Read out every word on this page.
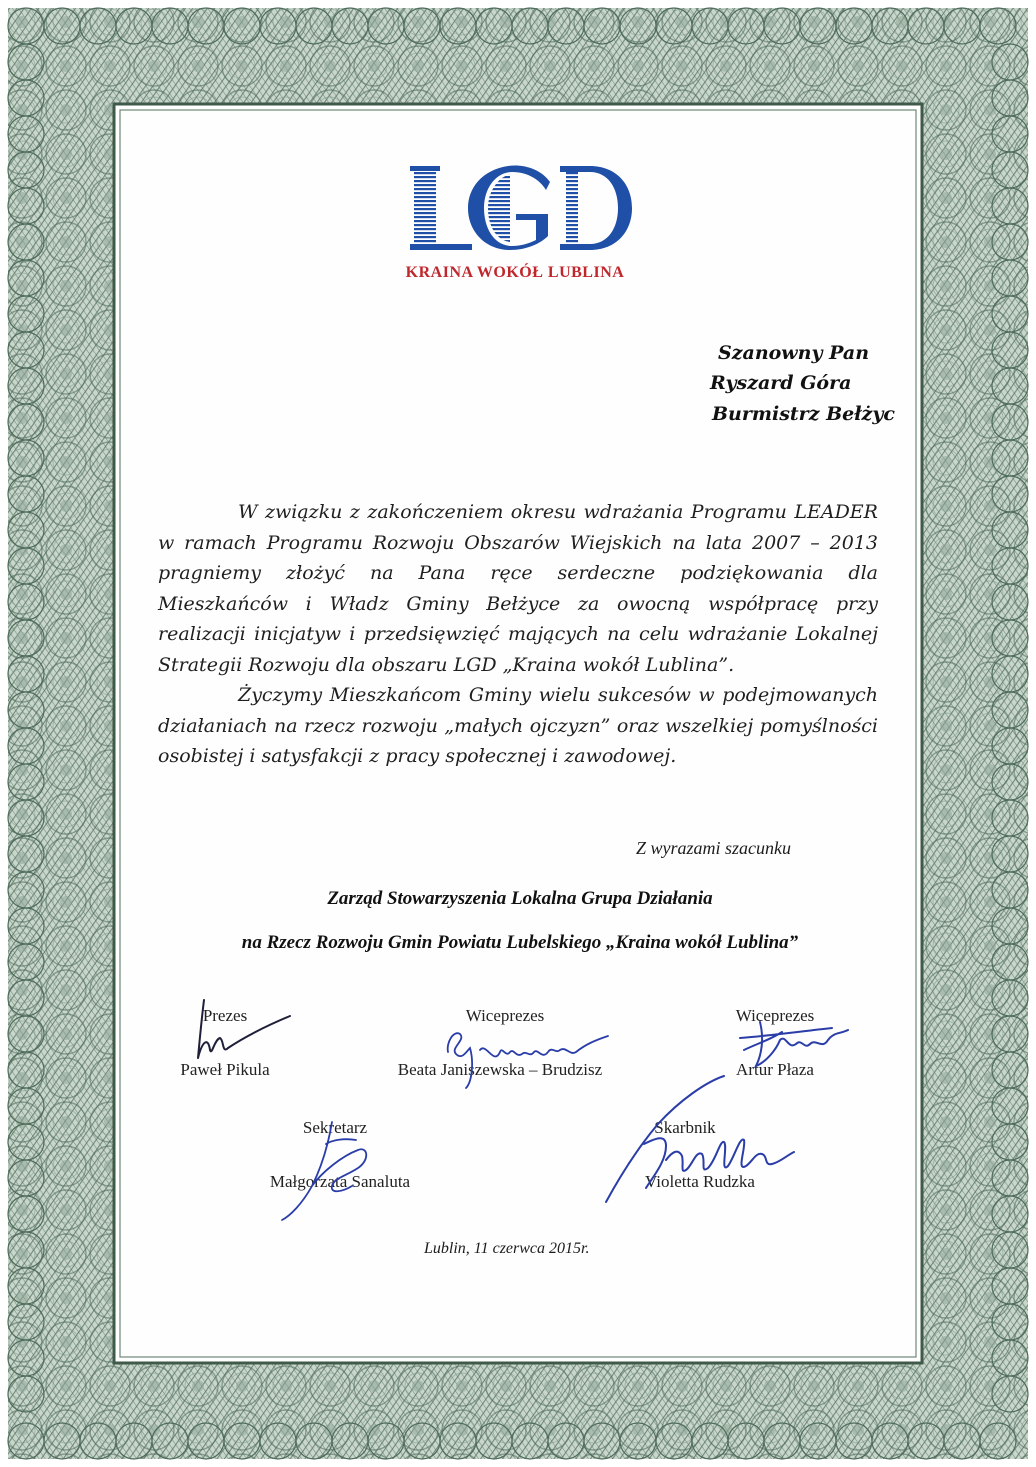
KRAINA WOKÓŁ LUBLINA
Szanowny Pan
Ryszard Góra
Burmistrz Bełżyc

W związku z zakończeniem okresu wdrażania Programu LEADER w ramach Programu Rozwoju Obszarów Wiejskich na lata 2007 – 2013 pragniemy złożyć na Pana ręce serdeczne podziękowania dla Mieszkańców i Władz Gminy Bełżyce za owocną współpracę przy realizacji inicjatyw i przedsięwzięć mających na celu wdrażanie Lokalnej Strategii Rozwoju dla obszaru LGD „Kraina wokół Lublina”.

Życzymy Mieszkańcom Gminy wielu sukcesów w podejmowanych działaniach na rzecz rozwoju „małych ojczyzn” oraz wszelkiej pomyślności osobistej i satysfakcji z pracy społecznej i zawodowej.

Z wyrazami szacunku
Zarząd Stowarzyszenia Lokalna Grupa Działania
na Rzecz Rozwoju Gmin Powiatu Lubelskiego „Kraina wokół Lublina”
Prezes
Paweł Pikula
Wiceprezes
Beata Janiszewska – Brudzisz
Wiceprezes
Artur Płaza
Sekretarz
Małgorzata Sanaluta
Skarbnik
Violetta Rudzka
Lublin, 11 czerwca 2015r.
